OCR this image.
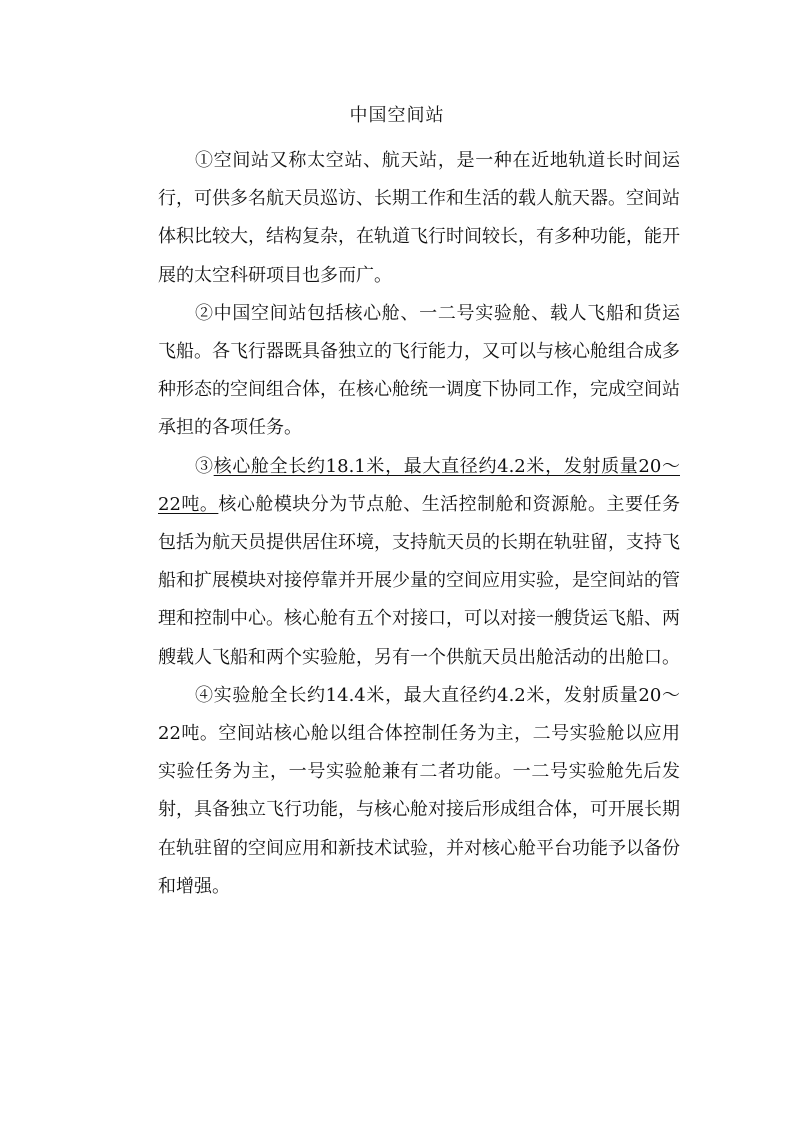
中国空间站

①空间站又称太空站、航天站，是一种在近地轨道长时间运行，可供多名航天员巡访、长期工作和生活的载人航天器。空间站体积比较大，结构复杂，在轨道飞行时间较长，有多种功能，能开展的太空科研项目也多而广。

②中国空间站包括核心舱、一二号实验舱、载人飞船和货运飞船。各飞行器既具备独立的飞行能力，又可以与核心舱组合成多种形态的空间组合体，在核心舱统一调度下协同工作，完成空间站承担的各项任务。

③核心舱全长约18.1米，最大直径约4.2米，发射质量20～22吨。核心舱模块分为节点舱、生活控制舱和资源舱。主要任务包括为航天员提供居住环境，支持航天员的长期在轨驻留，支持飞船和扩展模块对接停靠并开展少量的空间应用实验，是空间站的管理和控制中心。核心舱有五个对接口，可以对接一艘货运飞船、两艘载人飞船和两个实验舱，另有一个供航天员出舱活动的出舱口。

④实验舱全长约14.4米，最大直径约4.2米，发射质量20～22吨。空间站核心舱以组合体控制任务为主，二号实验舱以应用实验任务为主，一号实验舱兼有二者功能。一二号实验舱先后发射，具备独立飞行功能，与核心舱对接后形成组合体，可开展长期在轨驻留的空间应用和新技术试验，并对核心舱平台功能予以备份和增强。
